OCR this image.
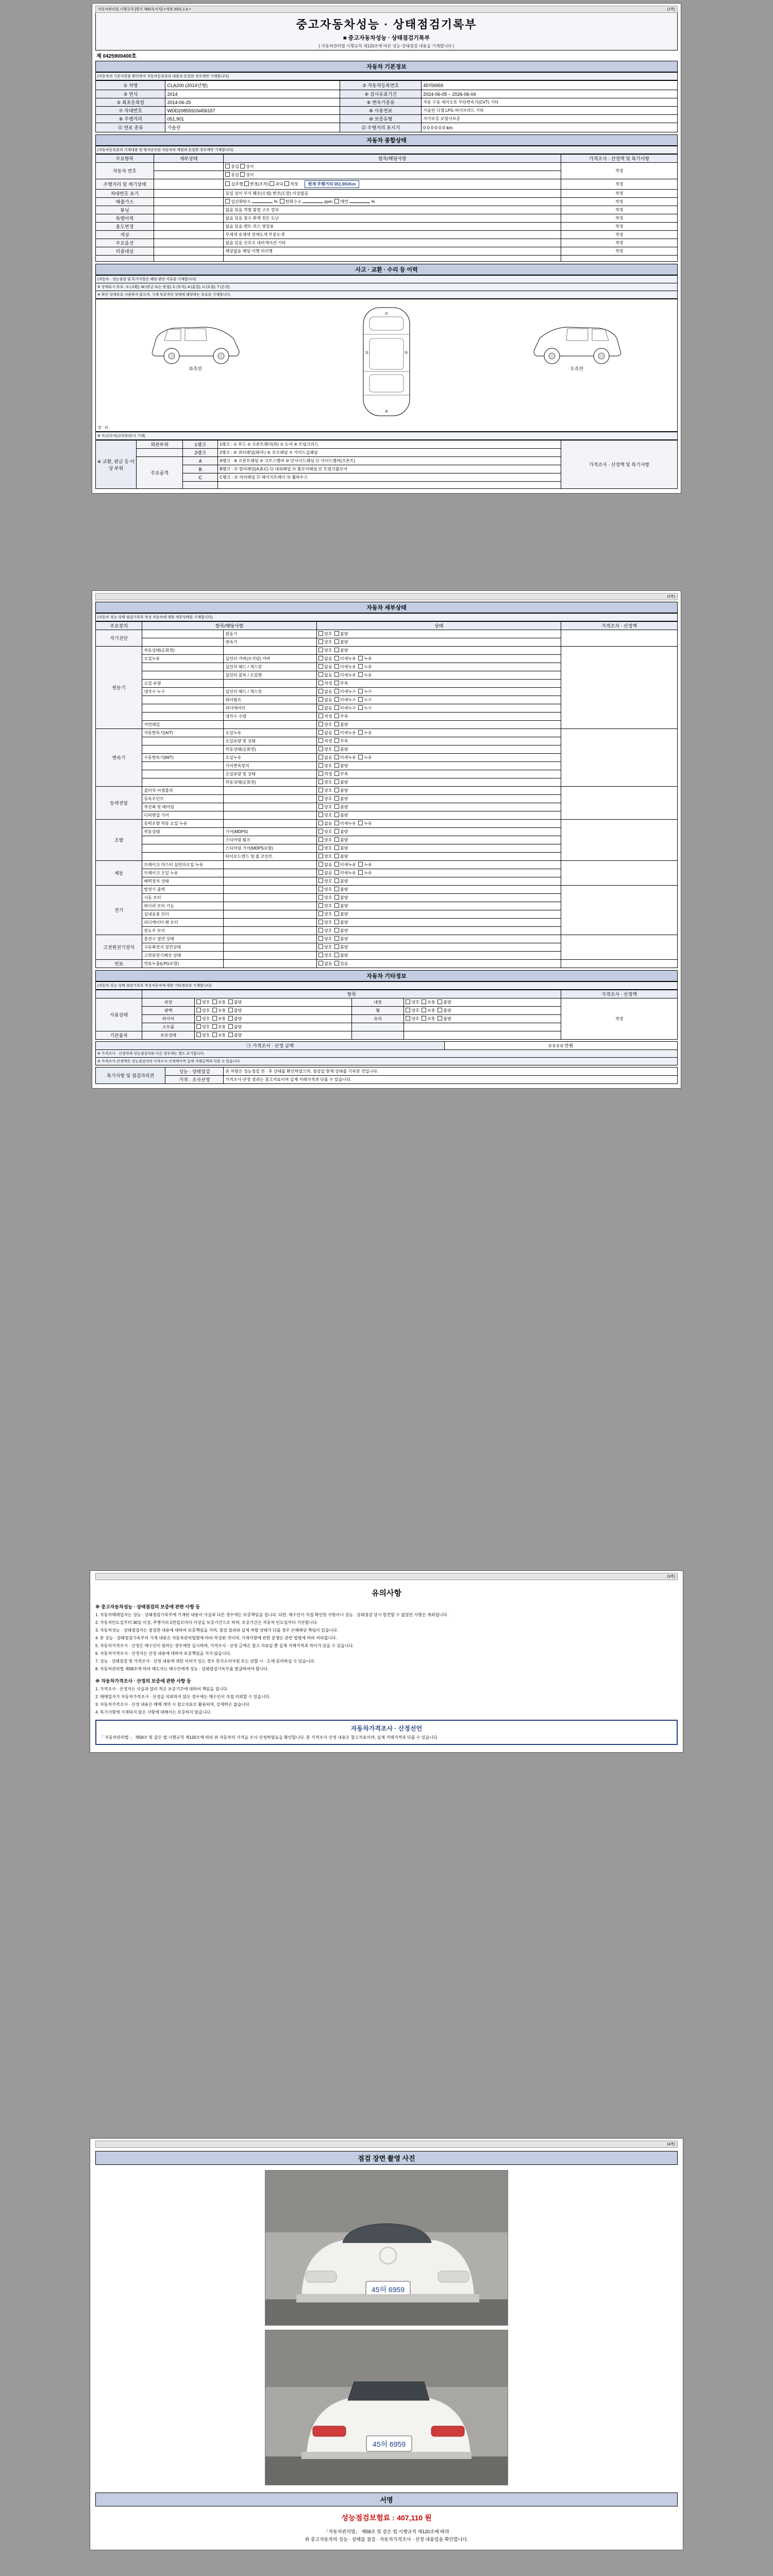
자동차관리법 시행규칙 [별지 제82호서식] <개정 2021.1.5.>	(1쪽)
중고자동차성능 · 상태점검기록부
■ 중고자동차성능 · 상태점검기록부
[ 자동차관리법 시행규칙 제120조에 따른 성능·상태점검 내용을 기재합니다 ]
제 0425900400호
자동차 기본정보
(자동차의 기본사항을 확인하여 자동차등록증의 내용과 동일한 경우에만 기재합니다)
① 차명	CLA200 (2014년형)	② 자동차등록번호	45허6959
③ 연식	2014	④ 검사유효기간	2024-06-05 ~ 2026-06-04
⑤ 최초등록일	2014-06-25	⑥ 변속기종류	자동 수동 세미오토 무단변속기(CVT) 기타
⑦ 차대번호	WDD2085591N456157	⑧ 사용연료	가솔린 디젤 LPG 하이브리드 기타
⑨ 주행거리	051,901	⑩ 보증유형	자가보증 보험사보증
⑪ 연료 종류	가솔린	⑫ 주행거리 표시기	0 0 0 0 0 0 km
자동차 종합상태
(자동차등록증의 기재내용 및 형식승인된 자동차의 제원과 동일한 경우에만 기재합니다)
주요항목	세부상태	항목/해당사항	가격조사 · 산정액 및 특기사항
자동차 번호		동일 상이	적정
		동일 상이	
주행거리 및 계기상태		실주행 변경(조작) 과다 적정 현재 주행거리 051,901Km	적정
차대번호 표기		동일 상이 부식 훼손(오염) 변조(도말) 이상없음	적정
배출가스		일산화탄소 % 탄화수소 ppm 매연 %	적정
튜닝		없음 있음 적법 불법 구조 장치	적정
특별이력		없음 있음 침수 화재 전손 도난	적정
용도변경		없음 있음 렌트 리스 영업용	적정
색상		무채색 유채색 전체도색 부분도색	적정
주요옵션		없음 있음 선루프 내비게이션 기타	적정
리콜대상		해당없음 해당 이행 미이행	적정

사고 · 교환 · 수리 등 이력
(자동차 · 성능점검 및 특기사항은 해당 관련 서류를 기재합니다)
※ 상태표시 부호 : X (교환), W (판금 또는 용접), C (부식), A (흠집), U (요철), T (손상)
※ 하단 상세부호 사용하지 않으며, 기재 부분적인 상태에 해당하는 부호를 기재합니다.
좌측면
①
②	③
④
우측면
앞 뒤
※ 사고/수리(교차부/표시 기재)
※ 교환, 판금 등 이상 부위	외판부위	1랭크	1랭크 : ① 후드 ② 프론트펜더(좌) ③ 도어 ④ 트렁크리드	가격조사 · 산정액 및 특기사항
		2랭크	2랭크 : ⑤ 쿼터패널(좌/우) ⑥ 루프패널 ⑦ 사이드실패널	
	주요골격	A	A랭크 : ⑧ 프론트패널 ⑨ 크로스멤버 ⑩ 인사이드패널 ⑪ 사이드멤버(프론트)	
		B	B랭크 : ⑫ 필러패널(A,B,C) ⑬ 대쉬패널 ⑭ 플로어패널 ⑮ 트렁크플로어	
		C	C랭크 : ⑯ 리어패널 ⑰ 패키지트레이 ⑱ 휠하우스	

(2쪽)
자동차 세부상태
(자동차 성능·상태 점검기록부 작성 자동차에 대한 세부상태를 기재합니다)
주요장치	항목/해당사항		상태	가격조사 · 산정액
자기진단		원동기	양호  불량	
		변속기	양호  불량	
원동기	작동상태(공회전)		양호  불량	
	오일누유	실린더 커버(로커암) 커버	없음  미세누유  누유	
		실린더 헤드 / 개스킷	없음  미세누유  누유	
		실린더 블록 / 오일팬	없음  미세누유  누유	
	오일 유량		적정  부족	
	냉각수 누수	실린더 헤드 / 개스킷	없음  미세누수  누수	
		워터펌프	없음  미세누수  누수	
		라디에이터	없음  미세누수  누수	
		냉각수 수량	적정  부족	
	커먼레일		양호  불량	
변속기	자동변속기(A/T)	오일누유	없음  미세누유  누유	
		오일유량 및 상태	적정  부족	
		작동상태(공회전)	양호  불량	
	수동변속기(M/T)	오일누유	없음  미세누유  누유	
		기어변속장치	양호  불량	
		오일유량 및 상태	적정  부족	
		작동상태(공회전)	양호  불량	
동력전달	클러치 어셈블리		양호  불량	
	등속조인트		양호  불량	
	추진축 및 베어링		양호  불량	
	디퍼렌셜 기어		양호  불량	
조향	동력조향 작동 오일 누유		없음  미세누유  누유	
	작동상태	기어(MDPS)	양호  불량	
		스티어링 펌프	양호  불량	
		스티어링 기어(MDPS포함)	양호  불량	
		타이로드엔드 및 볼 조인트	양호  불량	
제동	브레이크 마스터 실린더오일 누유		없음  미세누유  누유	
	브레이크 오일 누유		없음  미세누유  누유	
	배력장치 상태		양호  불량	
전기	발전기 출력		양호  불량	
	시동 모터		양호  불량	
	와이퍼 모터 기능		양호  불량	
	실내송풍 모터		양호  불량	
	라디에이터 팬 모터		양호  불량	
	윈도우 모터		양호  불량	
고전원전기장치	충전구 절연 상태		양호  불량	
	구동축전지 절연상태		양호  불량	
	고전원전기배선 상태		양호  불량	
연료	연료누출(LPG포함)		없음  있음	
자동차 기타정보
(자동차 성능·상태 점검기록부 작성자동차에 대한 기타정보를 기재합니다)
	항목				가격조사 · 산정액
사용상태	외장	양호  보통  불량	내장	양호  보통  불량	적정
	광택	양호  보통  불량	휠	양호  보통  불량	
	타이어	양호  보통  불량	유리	양호  보통  불량	
	소모품	양호  보통  불량			
기본품목	보유상태	양호  보통  불량			
㉠ 가격조사 · 산정 금액	0 0 0 0 만원
※ 가격조사 · 산정자에 성능점검자와 다른 경우에는 별도 표기합니다.
※ 가격조사·산정액은 성능점검자의 가격조사·산정액이며 실제 거래금액과 다를 수 있습니다.
특기사항 및 점검자의견	성능 · 상태점검	본 차량은 성능점검 전 · 후 상태를 확인하였으며, 점검일 현재 상태를 기록한 것입니다.
	가격 · 조사산정	가격조사·산정 결과는 참고자료이며 실제 거래가격과 다를 수 있습니다.

(3쪽)
유의사항
※ 중고자동차성능 · 상태점검의 보증에 관한 사항 등
1. 자동차매매업자는 성능 · 상태점검기록부에 기재된 내용이 사실과 다른 경우에는 보증책임을 집니다. 다만, 매수인이 직접 확인한 사항이나 성능 · 상태점검 당시 발견할 수 없었던 사항은 제외됩니다.
2. 자동차인도일부터 30일 이상, 주행거리 2천킬로미터 이상을 보증기간으로 하며, 보증기간은 자동차 인도일부터 기산합니다.
3. 자동차성능 · 상태점검자는 점검한 내용에 대하여 보증책임을 지며, 점검 결과와 실제 차량 상태가 다를 경우 손해배상 책임이 있습니다.
4. 본 성능 · 상태점검기록부의 기재 내용은 자동차관리법령에 따라 작성된 것이며, 기재사항에 관한 분쟁은 관련 법령에 따라 처리됩니다.
5. 자동차가격조사 · 산정은 매수인이 원하는 경우에만 실시하며, 가격조사 · 산정 금액은 참고 자료일 뿐 실제 거래가격과 차이가 있을 수 있습니다.
6. 자동차가격조사 · 산정자는 산정 내용에 대하여 보증책임을 지지 않습니다.
7. 성능 · 상태점검 및 가격조사 · 산정 내용에 대한 이의가 있는 경우 한국소비자원 또는 관할 시 · 도에 문의하실 수 있습니다.
8. 자동차관리법 제58조에 따라 매도자는 매수인에게 성능 · 상태점검기록부를 발급하여야 합니다.
※ 자동차가격조사 · 산정의 보증에 관한 사항 등
1. 가격조사 · 산정자는 사실과 달리 적은 보증기간에 대하여 책임을 집니다.
2. 매매업자가 자동차가격조사 · 산정을 의뢰하지 않은 경우에는 매수인이 직접 의뢰할 수 있습니다.
3. 자동차가격조사 · 산정 내용은 매매 계약 시 참고자료로 활용되며, 강제력은 없습니다.
4. 특기사항에 기재되지 않은 사항에 대해서는 보증하지 않습니다.
자동차가격조사 · 산정선언
「 자동차관리법 」 제58조 및 같은 법 시행규칙 제120조에 따라 위 자동차의 가격을 조사·산정하였음을 확인합니다. 본 가격조사·산정 내용은 참고자료이며, 실제 거래가격과 다를 수 있습니다.

(4쪽)
점검 장면 촬영 사진
45허 6959
45허 6959
서명
성능점검보험료 : 407,110 원
「자동차관리법」 제58조 및 같은 법 시행규칙 제120조에 따라
위 중고자동차의 성능 · 상태를 점검 · 자동차가격조사 · 산정 내용임을 확인합니다.
